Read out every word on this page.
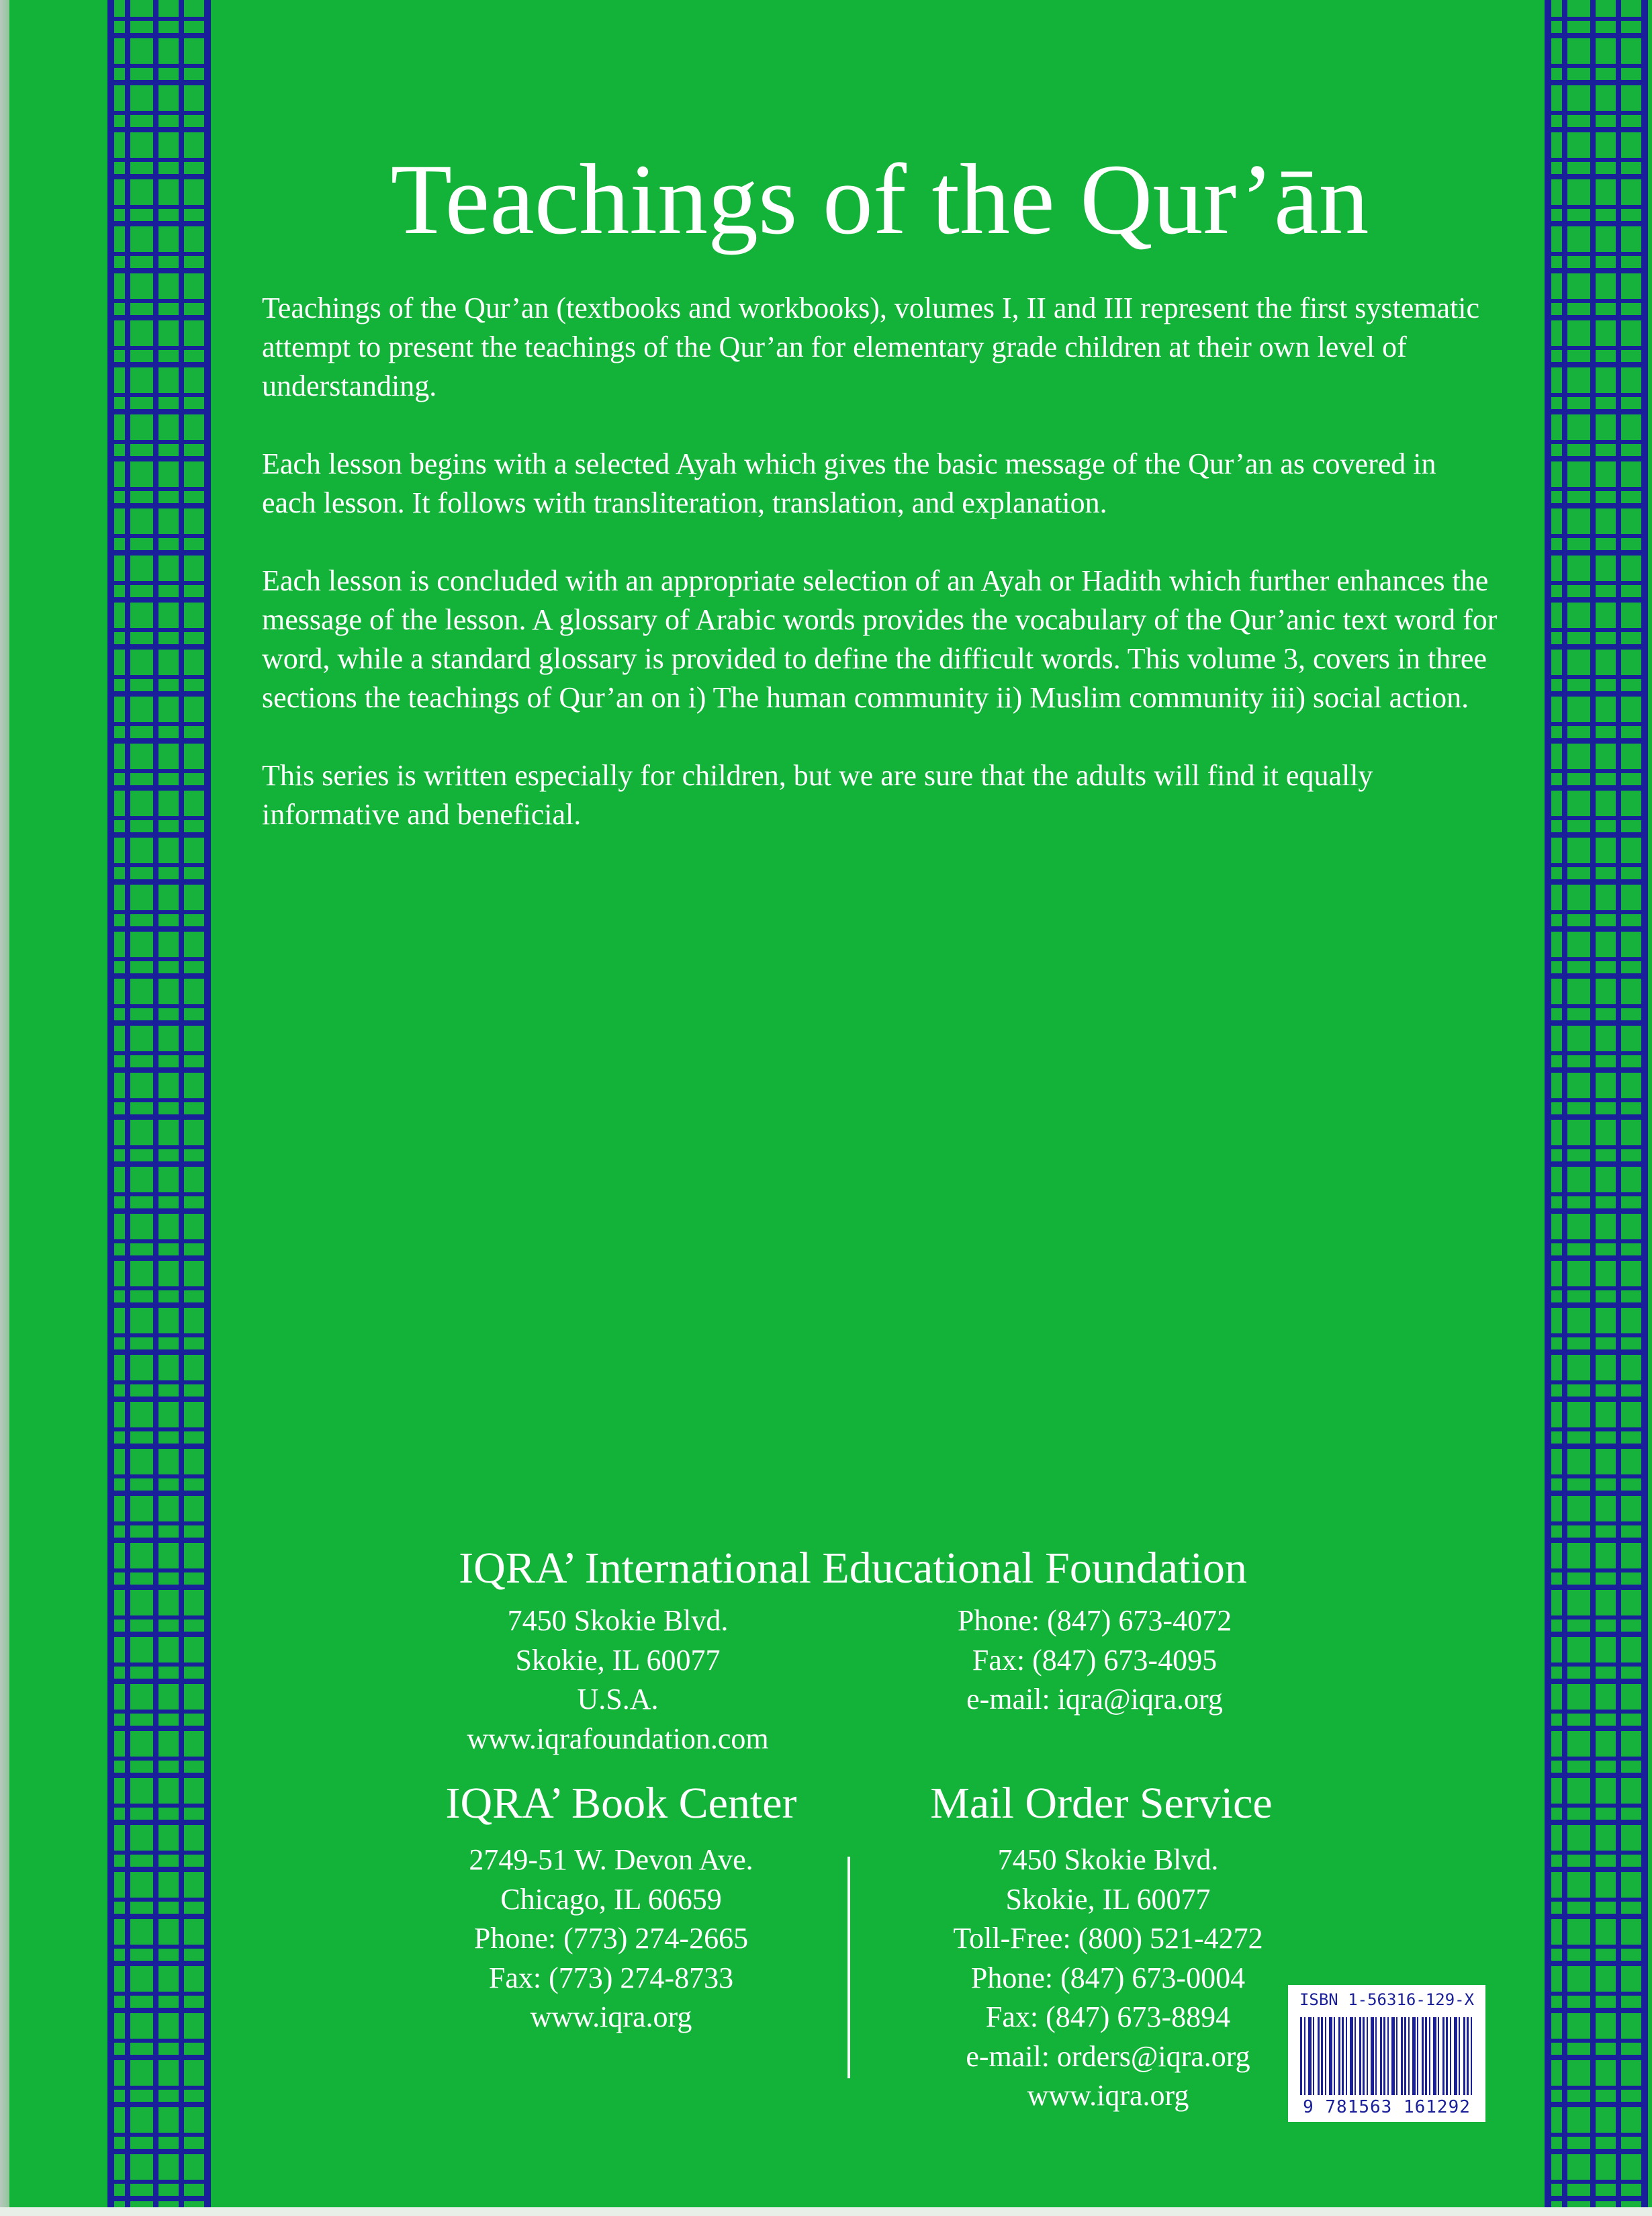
Teachings of the Qur’ān

Teachings of the Qur’an (textbooks and workbooks), volumes I, II and III represent the first systematic attempt to present the teachings of the Qur’an for elementary grade children at their own level of understanding.

Each lesson begins with a selected Ayah which gives the basic message of the Qur’an as covered in each lesson. It follows with transliteration, translation, and explanation.

Each lesson is concluded with an appropriate selection of an Ayah or Hadith which further enhances the message of the lesson. A glossary of Arabic words provides the vocabulary of the Qur’anic text word for word, while a standard glossary is provided to define the difficult words. This volume 3, covers in three sections the teachings of Qur’an on i) The human community ii) Muslim community iii) social action.

This series is written especially for children, but we are sure that the adults will find it equally informative and beneficial.

IQRA’ International Educational Foundation
7450 Skokie Blvd.
Skokie, IL 60077
U.S.A.
www.iqrafoundation.com
Phone: (847) 673-4072
Fax: (847) 673-4095
e-mail: iqra@iqra.org
IQRA’ Book Center	Mail Order Service
2749-51 W. Devon Ave.
Chicago, IL 60659
Phone: (773) 274-2665
Fax: (773) 274-8733
www.iqra.org
7450 Skokie Blvd.
Skokie, IL 60077
Toll-Free: (800) 521-4272
Phone: (847) 673-0004
Fax: (847) 673-8894
e-mail: orders@iqra.org
www.iqra.org
ISBN 1-56316-129-X
9 781563 161292
